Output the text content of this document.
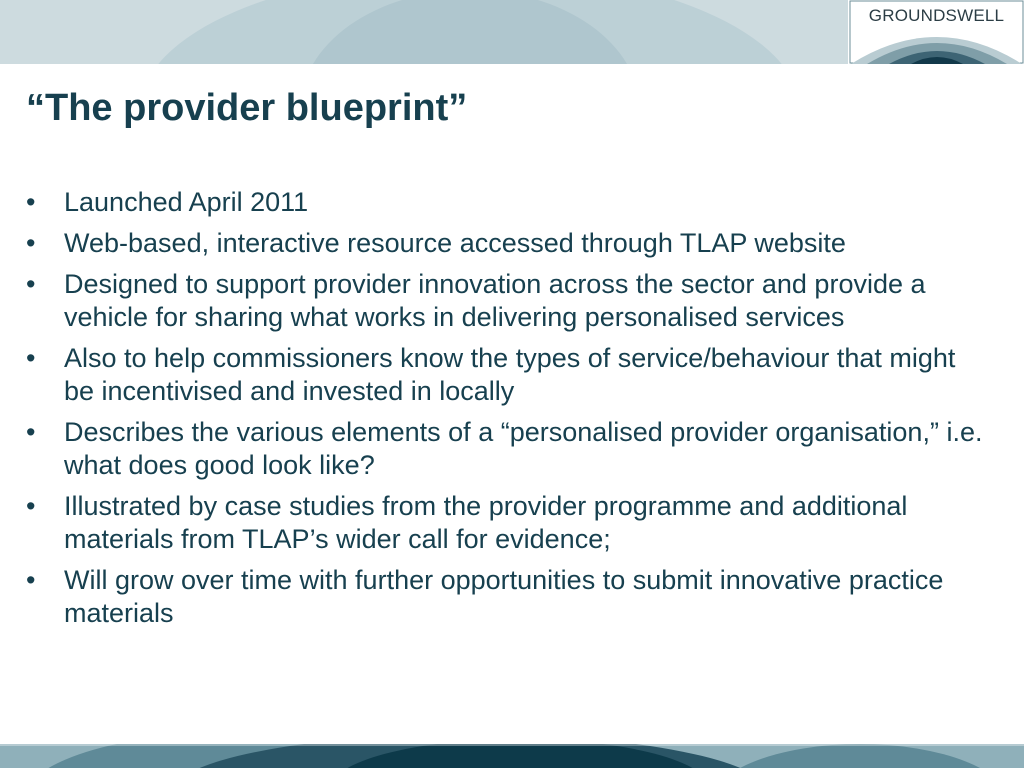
GROUNDSWELL
“The provider blueprint”
• Launched April 2011
• Web-based, interactive resource accessed through TLAP website
• Designed to support provider innovation across the sector and provide a vehicle for sharing what works in delivering personalised services
• Also to help commissioners know the types of service/behaviour that might be incentivised and invested in locally
• Describes the various elements of a “personalised provider organisation,” i.e. what does good look like?
• Illustrated by case studies from the provider programme and additional materials from TLAP’s wider call for evidence;
• Will grow over time with further opportunities to submit innovative practice materials
